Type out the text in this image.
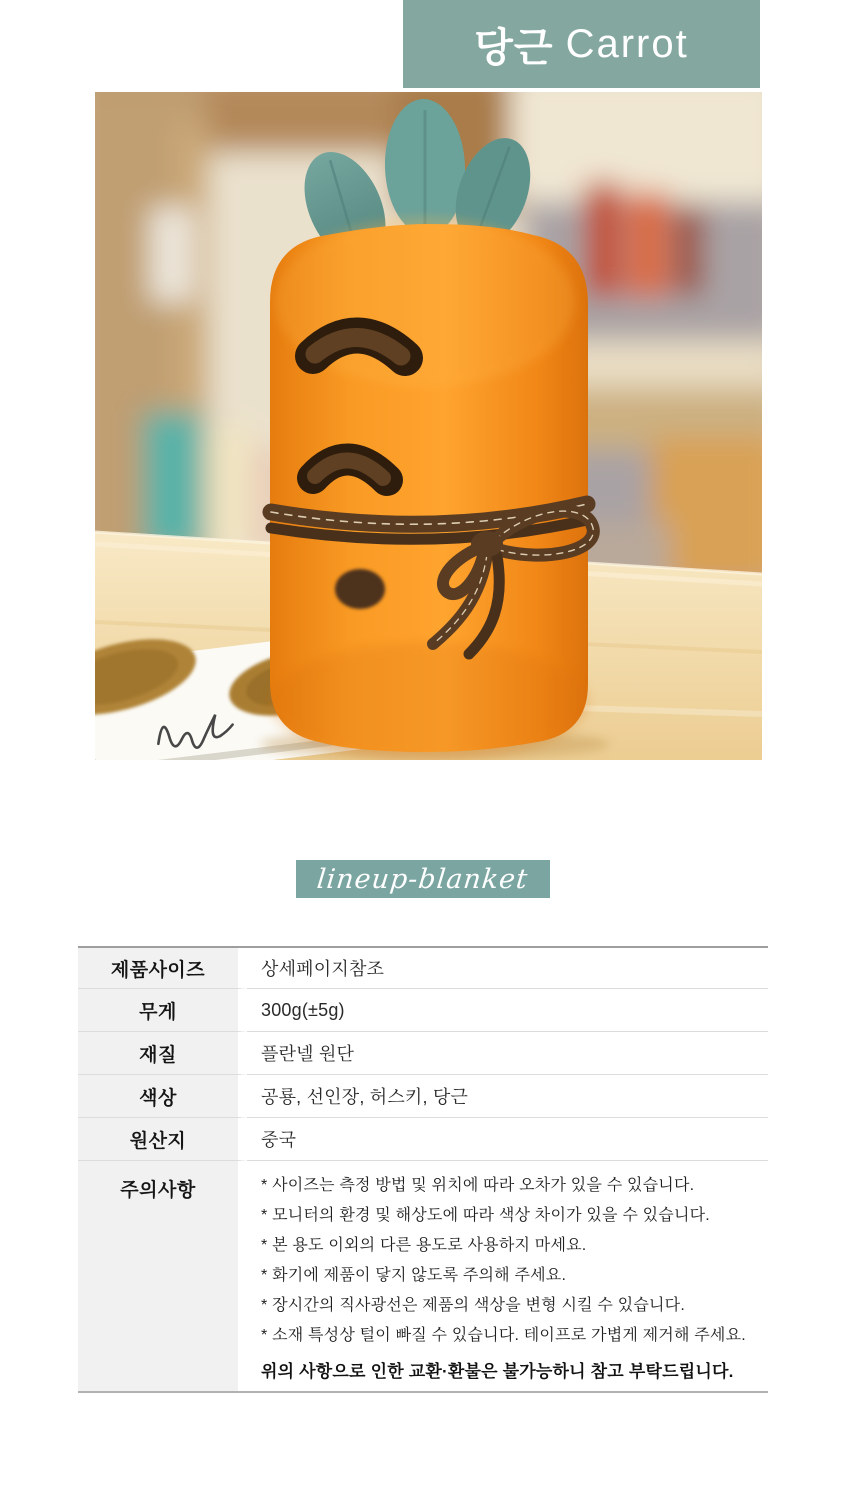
당근 Carrot
lineup-blanket
제품사이즈	상세페이지참조
무게	300g(±5g)
재질	플란넬 원단
색상	공룡, 선인장, 허스키, 당근
원산지	중국
주의사항	* 사이즈는 측정 방법 및 위치에 따라 오차가 있을 수 있습니다.
* 모니터의 환경 및 해상도에 따라 색상 차이가 있을 수 있습니다.
* 본 용도 이외의 다른 용도로 사용하지 마세요.
* 화기에 제품이 닿지 않도록 주의해 주세요.
* 장시간의 직사광선은 제품의 색상을 변형 시킬 수 있습니다.
* 소재 특성상 털이 빠질 수 있습니다. 테이프로 가볍게 제거해 주세요.
위의 사항으로 인한 교환·환불은 불가능하니 참고 부탁드립니다.
